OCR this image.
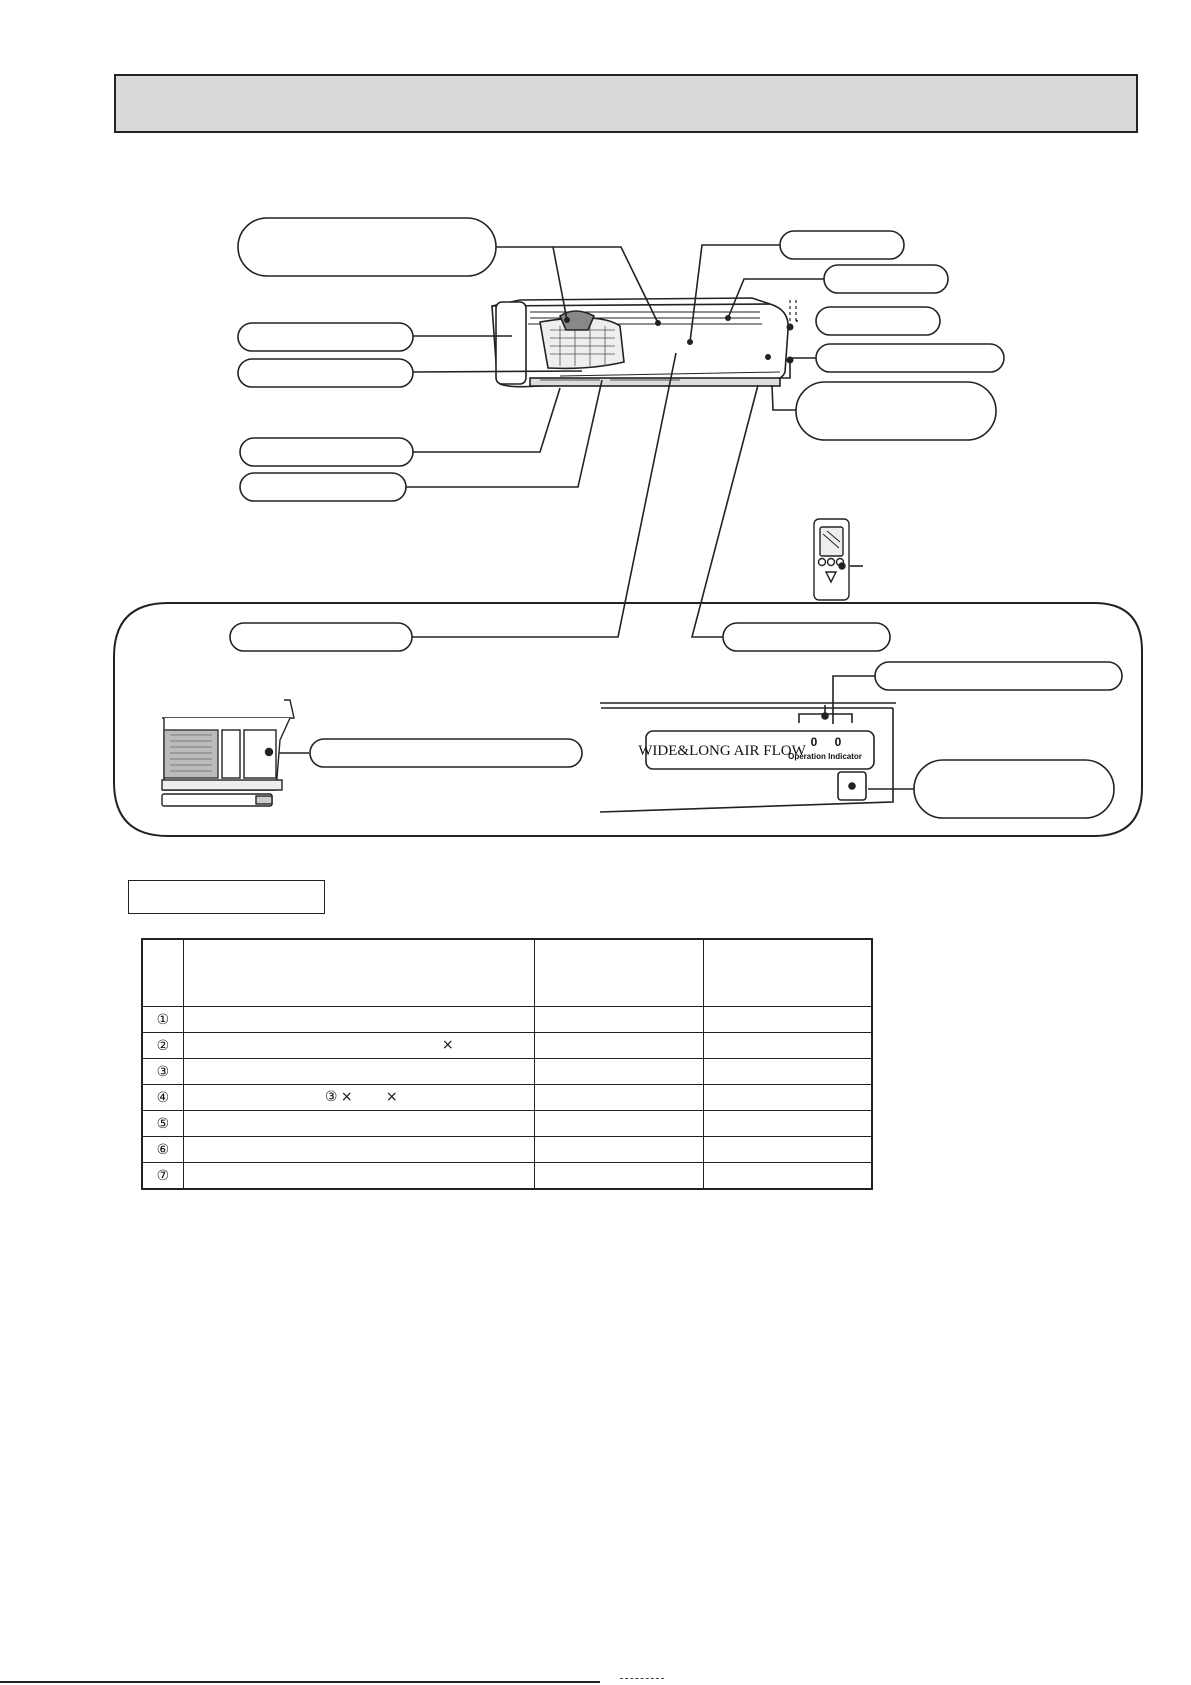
WIDE&LONG AIR FLOW
0 0
Operation Indicator

①			
②	×		

③			
④	③ × ×		

⑤			
⑥			
⑦			
